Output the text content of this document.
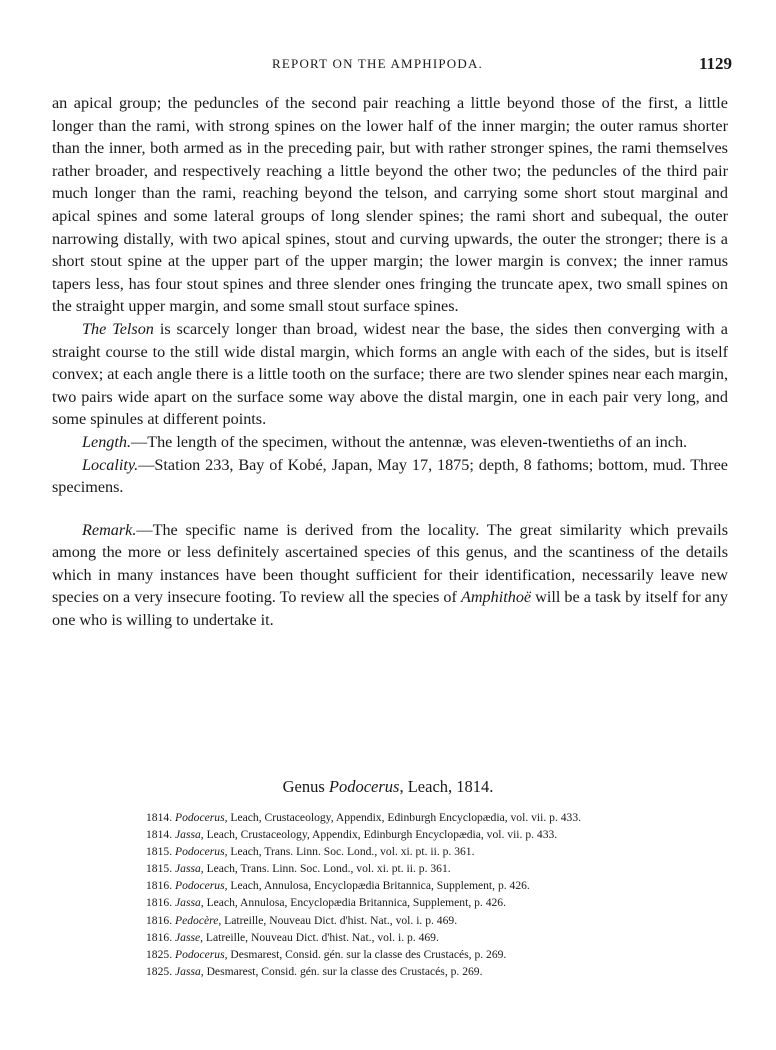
REPORT ON THE AMPHIPODA.	1129

an apical group; the peduncles of the second pair reaching a little beyond those of the first, a little longer than the rami, with strong spines on the lower half of the inner margin; the outer ramus shorter than the inner, both armed as in the preceding pair, but with rather stronger spines, the rami themselves rather broader, and respectively reaching a little beyond the other two; the peduncles of the third pair much longer than the rami, reaching beyond the telson, and carrying some short stout marginal and apical spines and some lateral groups of long slender spines; the rami short and subequal, the outer narrowing distally, with two apical spines, stout and curving upwards, the outer the stronger; there is a short stout spine at the upper part of the upper margin; the lower margin is convex; the inner ramus tapers less, has four stout spines and three slender ones fringing the truncate apex, two small spines on the straight upper margin, and some small stout surface spines.

The Telson is scarcely longer than broad, widest near the base, the sides then converging with a straight course to the still wide distal margin, which forms an angle with each of the sides, but is itself convex; at each angle there is a little tooth on the surface; there are two slender spines near each margin, two pairs wide apart on the surface some way above the distal margin, one in each pair very long, and some spinules at different points.

Length.—The length of the specimen, without the antennæ, was eleven-twentieths of an inch.

Locality.—Station 233, Bay of Kobé, Japan, May 17, 1875; depth, 8 fathoms; bottom, mud. Three specimens.

Remark.—The specific name is derived from the locality. The great similarity which prevails among the more or less definitely ascertained species of this genus, and the scantiness of the details which in many instances have been thought sufficient for their identification, necessarily leave new species on a very insecure footing. To review all the species of Amphithoë will be a task by itself for any one who is willing to undertake it.

Genus Podocerus, Leach, 1814.
1814. Podocerus, Leach, Crustaceology, Appendix, Edinburgh Encyclopædia, vol. vii. p. 433.
1814. Jassa, Leach, Crustaceology, Appendix, Edinburgh Encyclopædia, vol. vii. p. 433.
1815. Podocerus, Leach, Trans. Linn. Soc. Lond., vol. xi. pt. ii. p. 361.
1815. Jassa, Leach, Trans. Linn. Soc. Lond., vol. xi. pt. ii. p. 361.
1816. Podocerus, Leach, Annulosa, Encyclopædia Britannica, Supplement, p. 426.
1816. Jassa, Leach, Annulosa, Encyclopædia Britannica, Supplement, p. 426.
1816. Pedocère, Latreille, Nouveau Dict. d'hist. Nat., vol. i. p. 469.
1816. Jasse, Latreille, Nouveau Dict. d'hist. Nat., vol. i. p. 469.
1825. Podocerus, Desmarest, Consid. gén. sur la classe des Crustacés, p. 269.
1825. Jassa, Desmarest, Consid. gén. sur la classe des Crustacés, p. 269.
